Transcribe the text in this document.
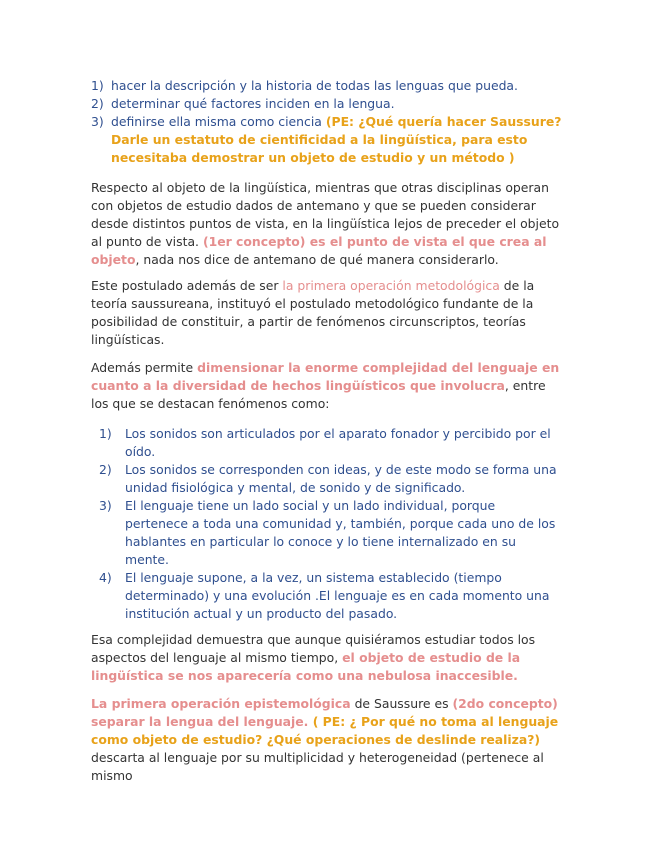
1) hacer la descripción y la historia de todas las lenguas que pueda.
2) determinar qué factores inciden en la lengua.
3) definirse ella misma como ciencia (PE: ¿Qué quería hacer Saussure? Darle un estatuto de cientificidad a la lingüística, para esto necesitaba demostrar un objeto de estudio y un método )
Respecto al objeto de la lingüística, mientras que otras disciplinas operan con objetos de estudio dados de antemano y que se pueden considerar desde distintos puntos de vista, en la lingüística lejos de preceder el objeto al punto de vista. (1er concepto) es el punto de vista el que crea al objeto, nada nos dice de antemano de qué manera considerarlo.
Este postulado además de ser la primera operación metodológica de la teoría saussureana, instituyó el postulado metodológico fundante de la posibilidad de constituir, a partir de fenómenos circunscriptos, teorías lingüísticas.
Además permite dimensionar la enorme complejidad del lenguaje en cuanto a la diversidad de hechos lingüísticos que involucra, entre los que se destacan fenómenos como:
1) Los sonidos son articulados por el aparato fonador y percibido por el oído.
2) Los sonidos se corresponden con ideas, y de este modo se forma una unidad fisiológica y mental, de sonido y de significado.
3) El lenguaje tiene un lado social y un lado individual, porque pertenece a toda una comunidad y, también, porque cada uno de los hablantes en particular lo conoce y lo tiene internalizado en su mente.
4) El lenguaje supone, a la vez, un sistema establecido (tiempo determinado) y una evolución .El lenguaje es en cada momento una institución actual y un producto del pasado.
Esa complejidad demuestra que aunque quisiéramos estudiar todos los aspectos del lenguaje al mismo tiempo, el objeto de estudio de la lingüística se nos aparecería como una nebulosa inaccesible.
La primera operación epistemológica de Saussure es (2do concepto) separar la lengua del lenguaje. ( PE: ¿ Por qué no toma al lenguaje como objeto de estudio? ¿Qué operaciones de deslinde realiza?) descarta al lenguaje por su multiplicidad y heterogeneidad (pertenece al mismo
